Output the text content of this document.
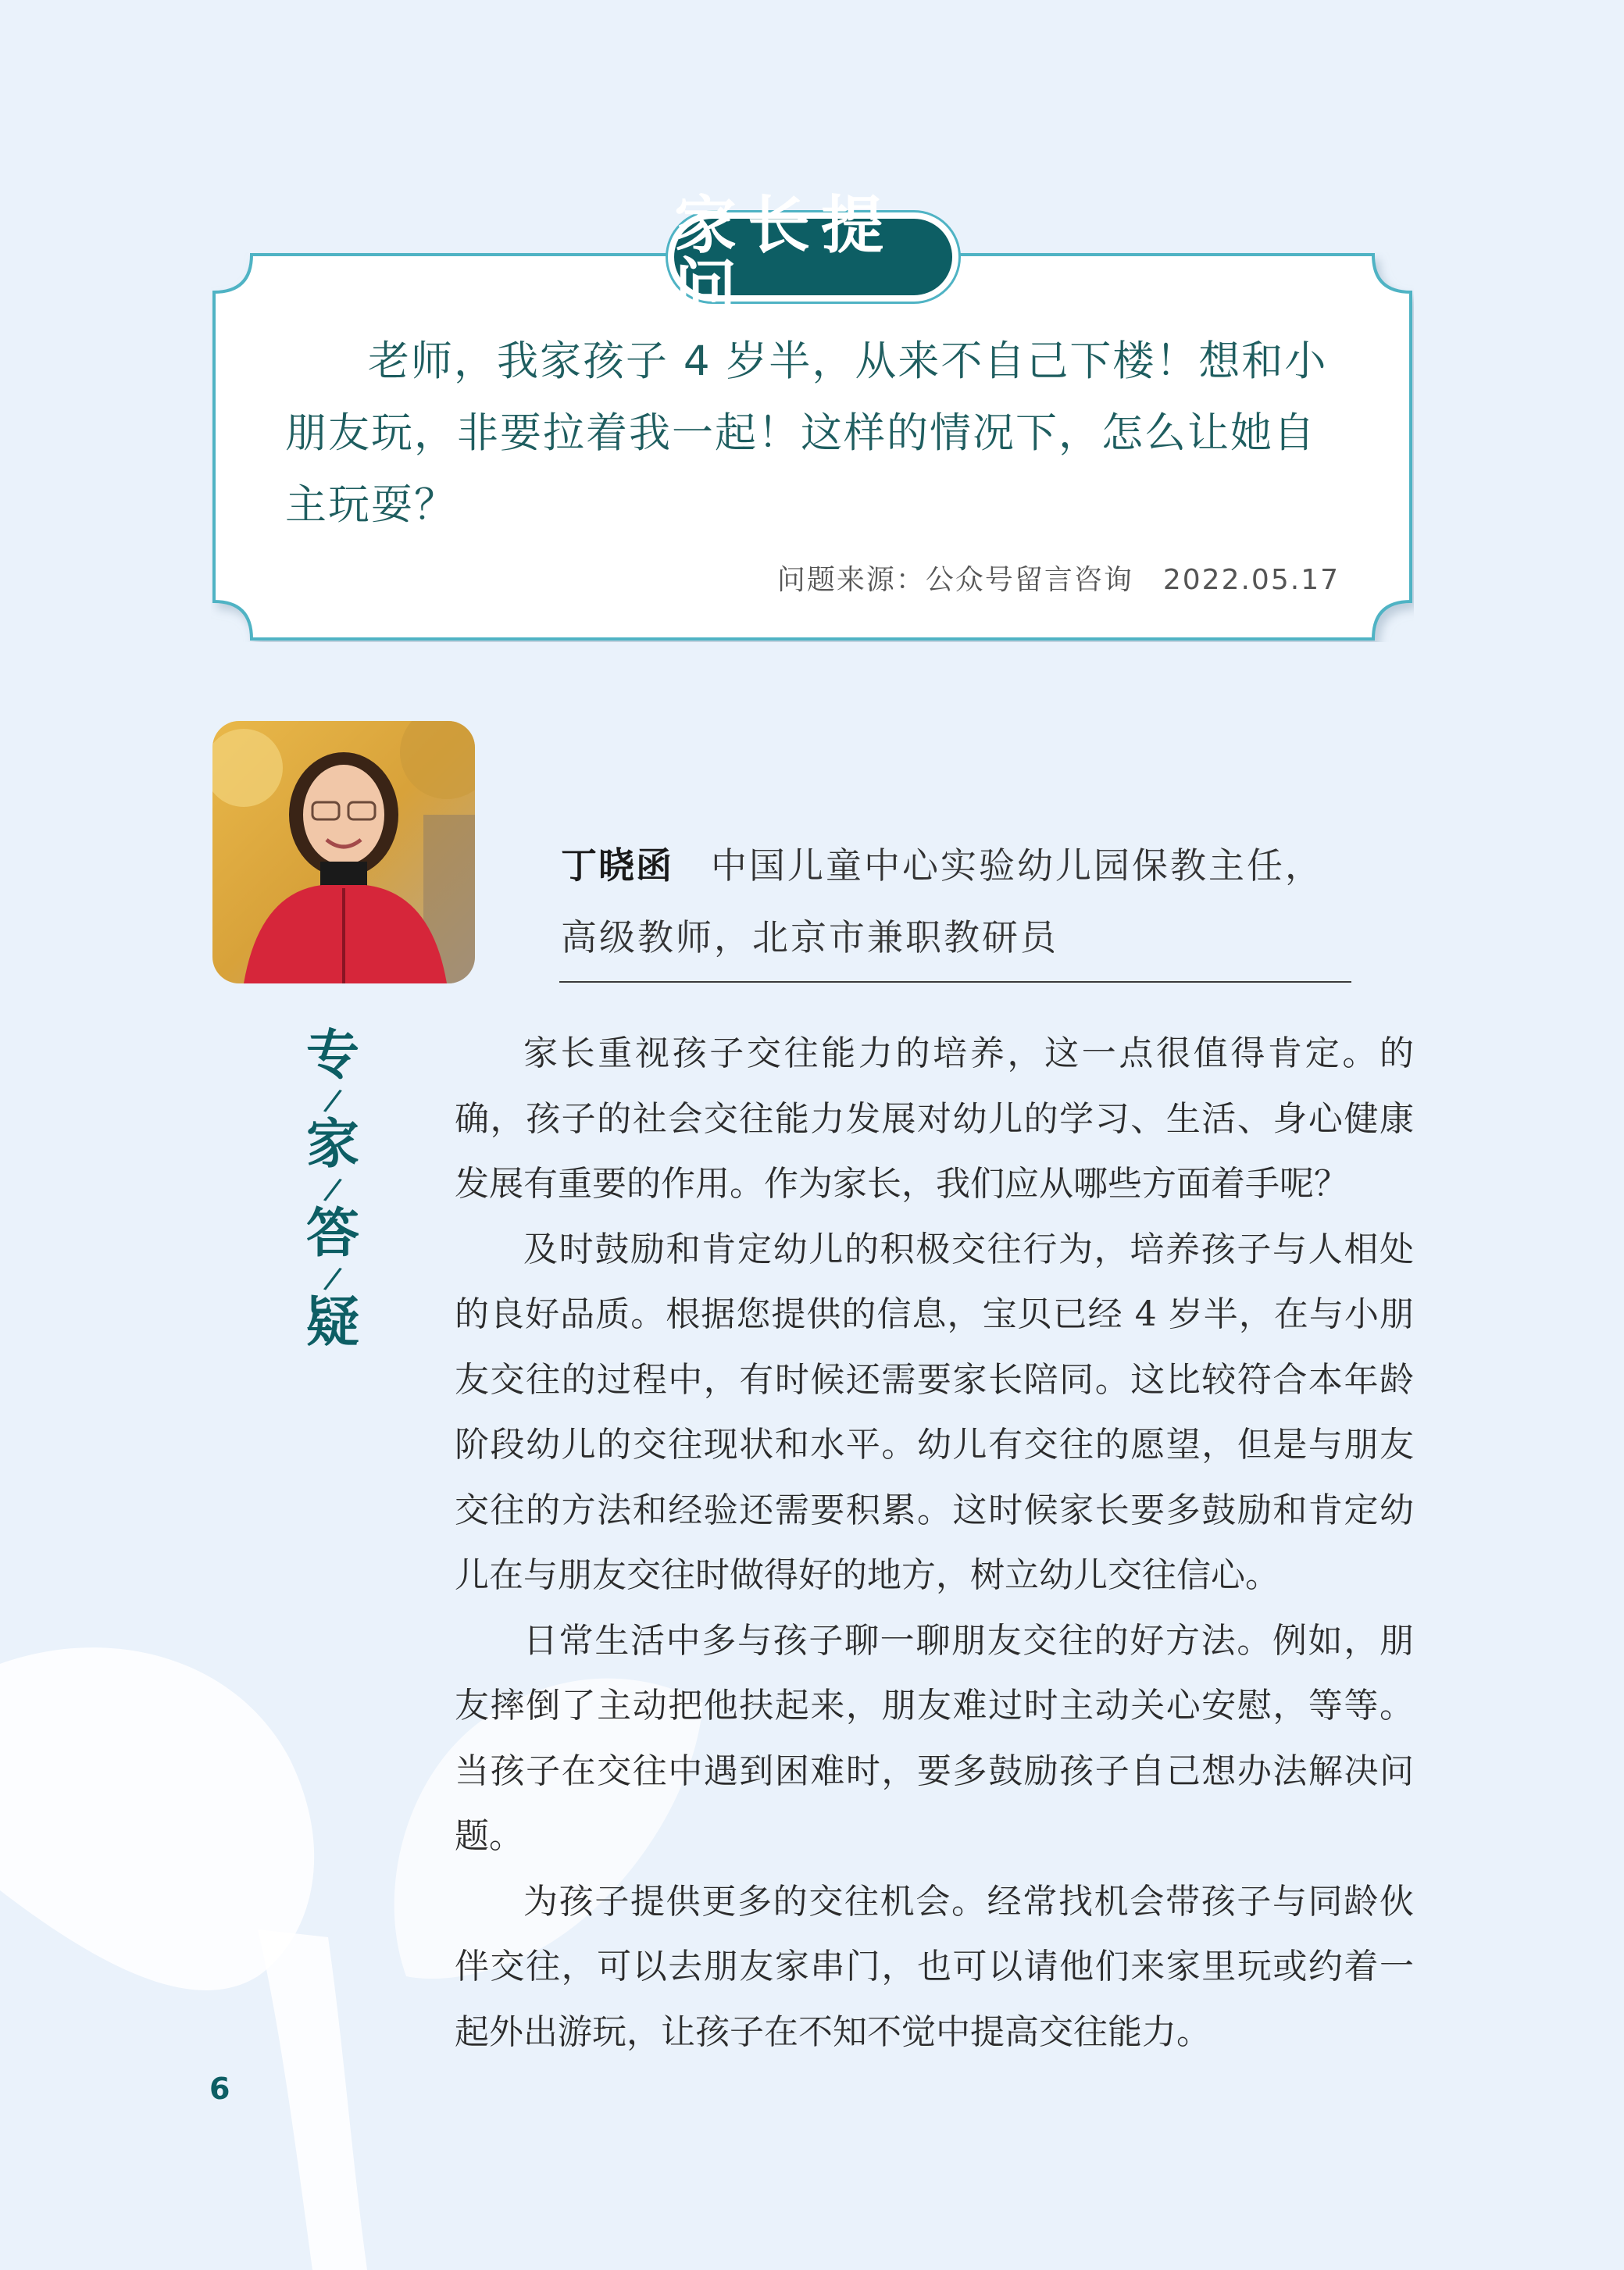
家长提问
老师，我家孩子 4 岁半，从来不自己下楼！想和小朋友玩，非要拉着我一起！这样的情况下，怎么让她自主玩耍？
问题来源：公众号留言咨询 2022.05.17
丁晓函 中国儿童中心实验幼儿园保教主任，
高级教师，北京市兼职教研员
专
/
家
/
答
/
疑

家长重视孩子交往能力的培养，这一点很值得肯定。的确，孩子的社会交往能力发展对幼儿的学习、生活、身心健康发展有重要的作用。作为家长，我们应从哪些方面着手呢？

及时鼓励和肯定幼儿的积极交往行为，培养孩子与人相处的良好品质。根据您提供的信息，宝贝已经 4 岁半，在与小朋友交往的过程中，有时候还需要家长陪同。这比较符合本年龄阶段幼儿的交往现状和水平。幼儿有交往的愿望，但是与朋友交往的方法和经验还需要积累。这时候家长要多鼓励和肯定幼儿在与朋友交往时做得好的地方，树立幼儿交往信心。

日常生活中多与孩子聊一聊朋友交往的好方法。例如，朋友摔倒了主动把他扶起来，朋友难过时主动关心安慰，等等。当孩子在交往中遇到困难时，要多鼓励孩子自己想办法解决问题。

为孩子提供更多的交往机会。经常找机会带孩子与同龄伙伴交往，可以去朋友家串门，也可以请他们来家里玩或约着一起外出游玩，让孩子在不知不觉中提高交往能力。

6
